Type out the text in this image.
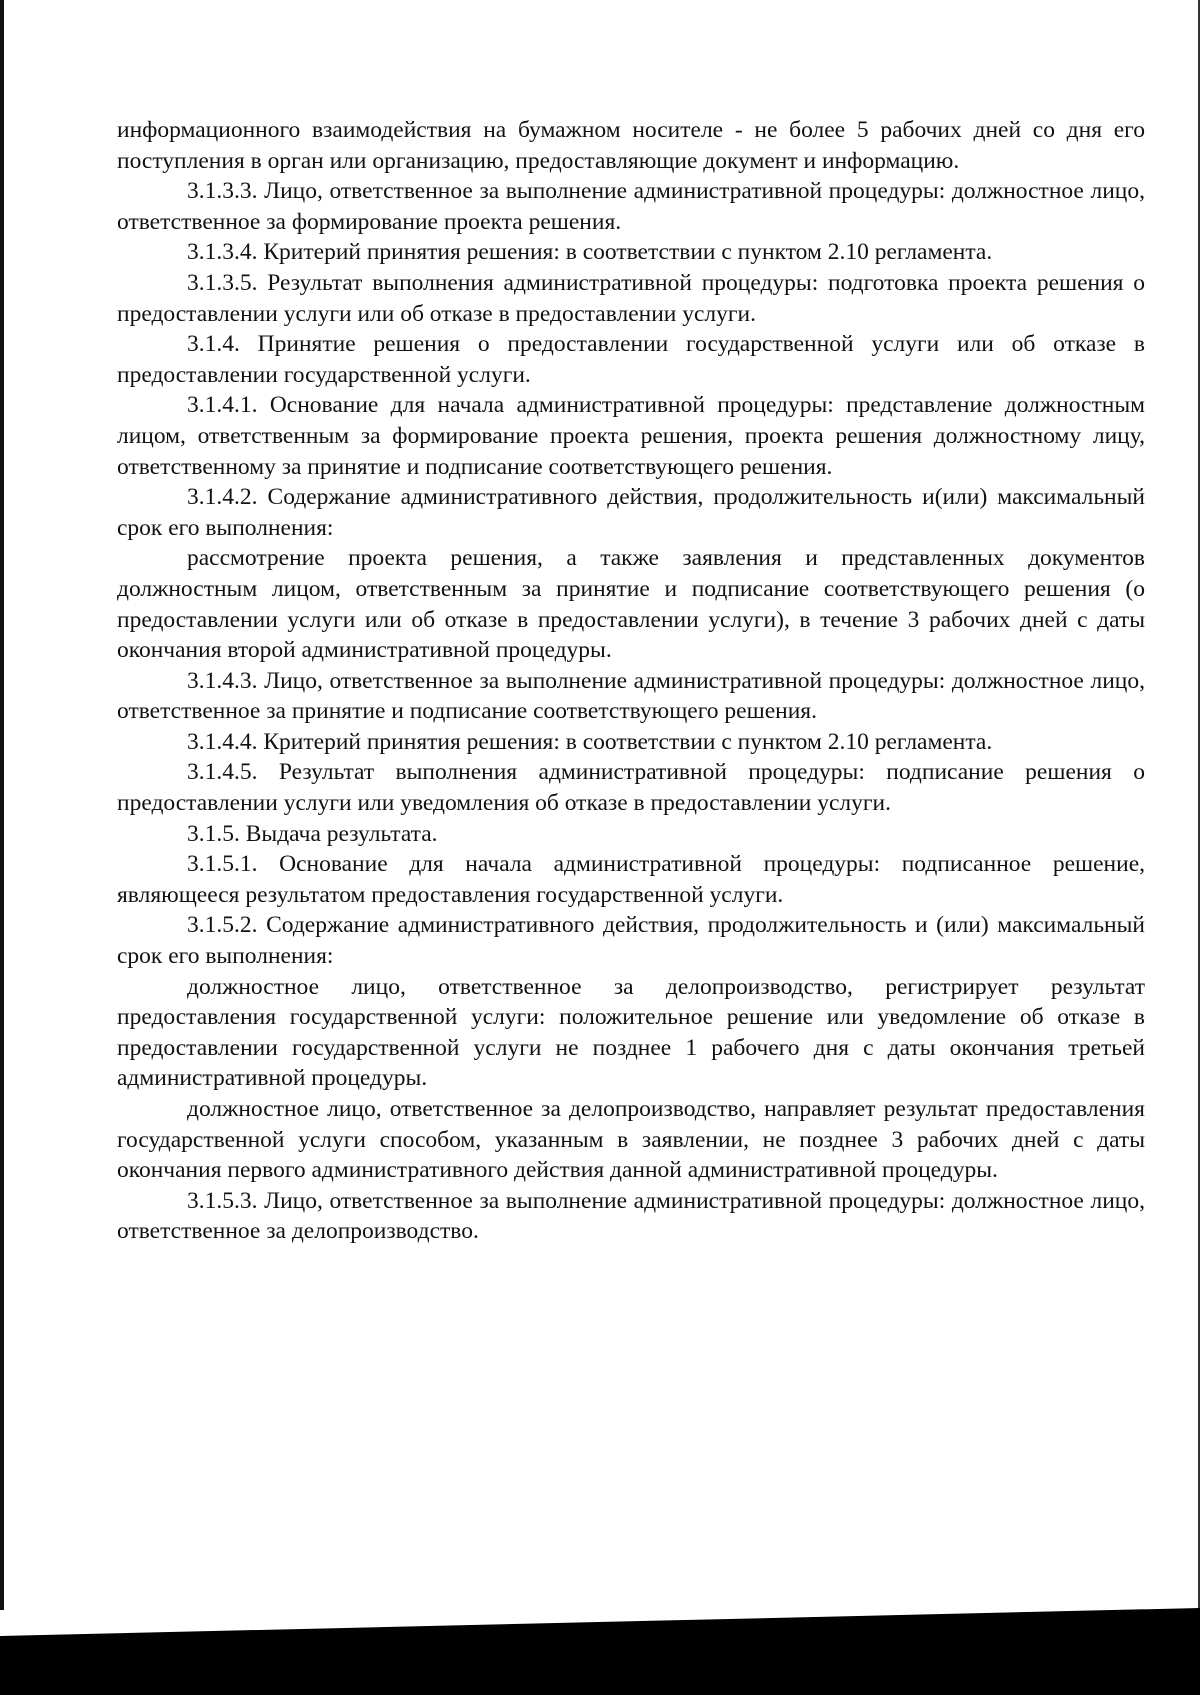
информационного взаимодействия на бумажном носителе - не более 5 рабочих дней со дня его поступления в орган или организацию, предоставляющие документ и информацию.

3.1.3.3. Лицо, ответственное за выполнение административной процедуры: должностное лицо, ответственное за формирование проекта решения.

3.1.3.4. Критерий принятия решения: в соответствии с пунктом 2.10 регламента.

3.1.3.5. Результат выполнения административной процедуры: подготовка проекта решения о предоставлении услуги или об отказе в предоставлении услуги.

3.1.4. Принятие решения о предоставлении государственной услуги или об отказе в предоставлении государственной услуги.

3.1.4.1. Основание для начала административной процедуры: представление должностным лицом, ответственным за формирование проекта решения, проекта решения должностному лицу, ответственному за принятие и подписание соответствующего решения.

3.1.4.2. Содержание административного действия, продолжительность и(или) максимальный срок его выполнения:

рассмотрение проекта решения, а также заявления и представленных документов должностным лицом, ответственным за принятие и подписание соответствующего решения (о предоставлении услуги или об отказе в предоставлении услуги), в течение 3 рабочих дней с даты окончания второй административной процедуры.

3.1.4.3. Лицо, ответственное за выполнение административной процедуры: должностное лицо, ответственное за принятие и подписание соответствующего решения.

3.1.4.4. Критерий принятия решения: в соответствии с пунктом 2.10 регламента.

3.1.4.5. Результат выполнения административной процедуры: подписание решения о предоставлении услуги или уведомления об отказе в предоставлении услуги.

3.1.5. Выдача результата.

3.1.5.1. Основание для начала административной процедуры: подписанное решение, являющееся результатом предоставления государственной услуги.

3.1.5.2. Содержание административного действия, продолжительность и (или) максимальный срок его выполнения:

должностное лицо, ответственное за делопроизводство, регистрирует результат предоставления государственной услуги: положительное решение или уведомление об отказе в предоставлении государственной услуги не позднее 1 рабочего дня с даты окончания третьей административной процедуры.

должностное лицо, ответственное за делопроизводство, направляет результат предоставления государственной услуги способом, указанным в заявлении, не позднее 3 рабочих дней с даты окончания первого административного действия данной административной процедуры.

3.1.5.3. Лицо, ответственное за выполнение административной процедуры: должностное лицо, ответственное за делопроизводство.
